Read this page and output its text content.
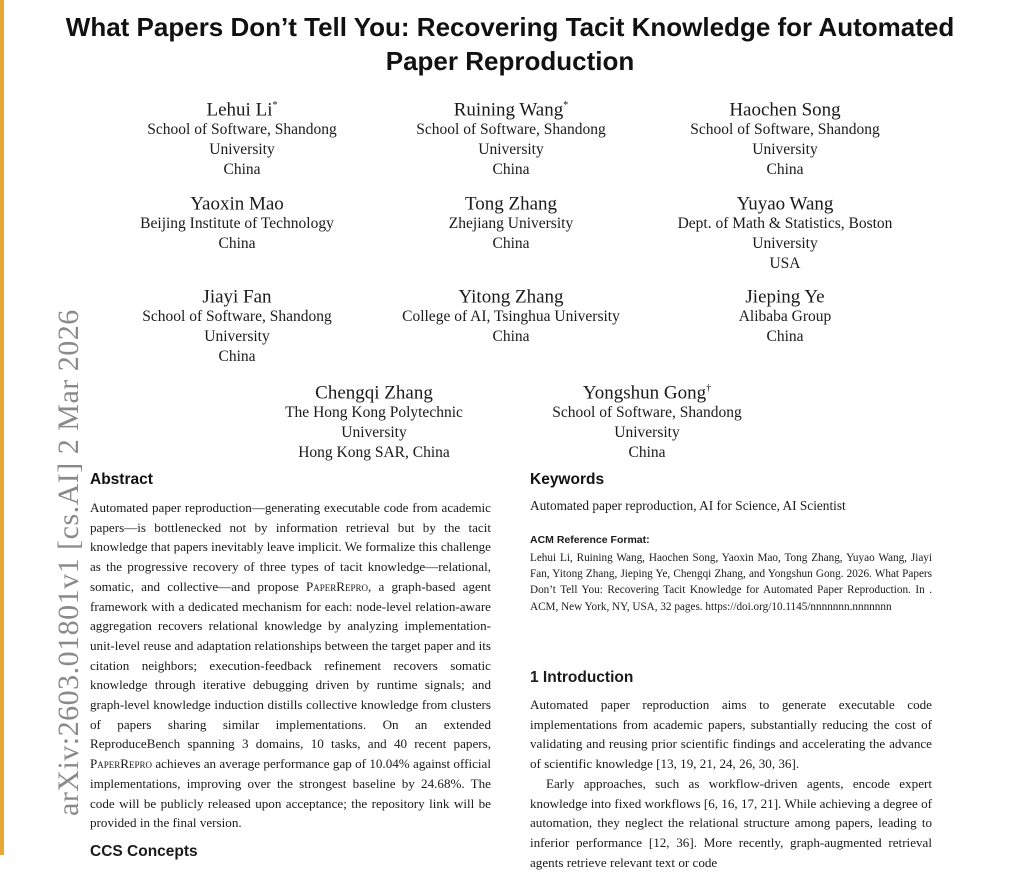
arXiv:2603.01801v1 [cs.AI] 2 Mar 2026
What Papers Don’t Tell You: Recovering Tacit Knowledge for Automated Paper Reproduction
Lehui Li*
School of Software, Shandong
University
China
Ruining Wang*
School of Software, Shandong
University
China
Haochen Song
School of Software, Shandong
University
China
Yaoxin Mao
Beijing Institute of Technology
China
Tong Zhang
Zhejiang University
China
Yuyao Wang
Dept. of Math & Statistics, Boston
University
USA
Jiayi Fan
School of Software, Shandong
University
China
Yitong Zhang
College of AI, Tsinghua University
China
Jieping Ye
Alibaba Group
China
Chengqi Zhang
The Hong Kong Polytechnic
University
Hong Kong SAR, China
Yongshun Gong†
School of Software, Shandong
University
China
Abstract

Automated paper reproduction—generating executable code from academic papers—is bottlenecked not by information retrieval but by the tacit knowledge that papers inevitably leave implicit. We formalize this challenge as the progressive recovery of three types of tacit knowledge—relational, somatic, and collective—and propose PaperRepro, a graph-based agent framework with a dedicated mechanism for each: node-level relation-aware aggregation recovers relational knowledge by analyzing implementation-unit-level reuse and adaptation relationships between the target paper and its citation neighbors; execution-feedback refinement recovers somatic knowledge through iterative debugging driven by runtime signals; and graph-level knowledge induction distills collective knowledge from clusters of papers sharing similar implementations. On an extended ReproduceBench spanning 3 domains, 10 tasks, and 40 recent papers, PaperRepro achieves an average performance gap of 10.04% against official implementations, improving over the strongest baseline by 24.68%. The code will be publicly released upon acceptance; the repository link will be provided in the final version.

CCS Concepts
Keywords

Automated paper reproduction, AI for Science, AI Scientist

ACM Reference Format:

Lehui Li, Ruining Wang, Haochen Song, Yaoxin Mao, Tong Zhang, Yuyao Wang, Jiayi Fan, Yitong Zhang, Jieping Ye, Chengqi Zhang, and Yongshun Gong. 2026. What Papers Don’t Tell You: Recovering Tacit Knowledge for Automated Paper Reproduction. In . ACM, New York, NY, USA, 32 pages. https://doi.org/10.1145/nnnnnnn.nnnnnnn

1 Introduction

Automated paper reproduction aims to generate executable code implementations from academic papers, substantially reducing the cost of validating and reusing prior scientific findings and accelerating the advance of scientific knowledge [13, 19, 21, 24, 26, 30, 36].

Early approaches, such as workflow-driven agents, encode expert knowledge into fixed workflows [6, 16, 17, 21]. While achieving a degree of automation, they neglect the relational structure among papers, leading to inferior performance [12, 36]. More recently, graph-augmented retrieval agents retrieve relevant text or code
